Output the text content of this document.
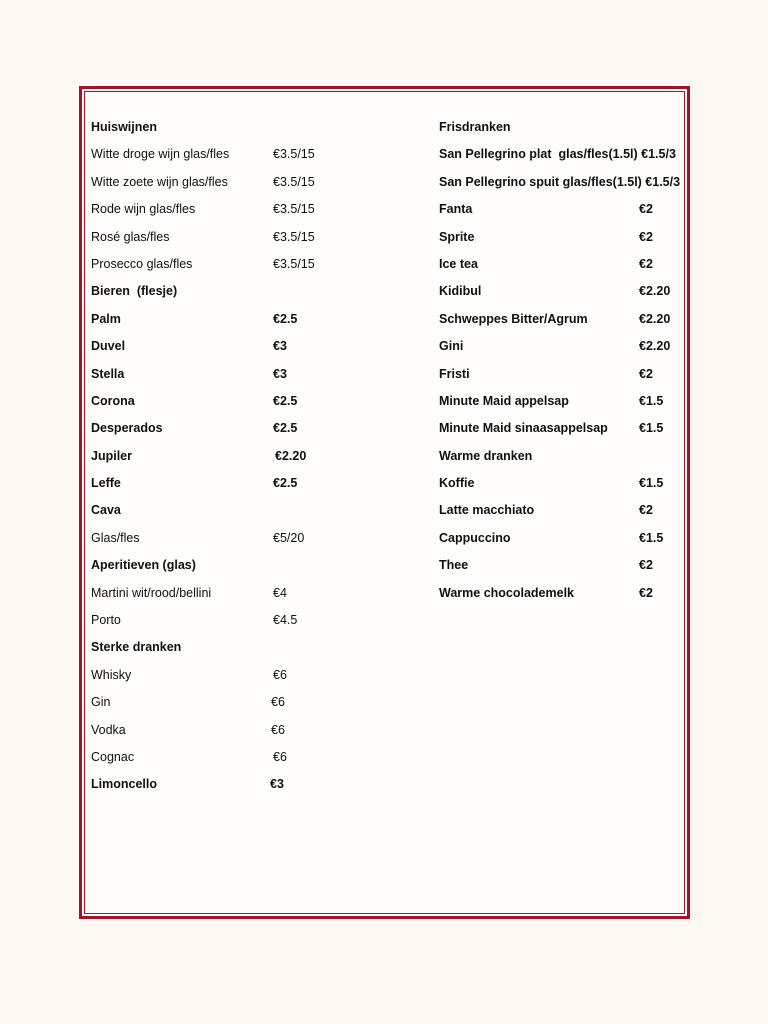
Huiswijnen
Witte droge wijn glas/fles	€3.5/15
Witte zoete wijn glas/fles	€3.5/15
Rode wijn glas/fles	€3.5/15
Rosé glas/fles	€3.5/15
Prosecco glas/fles	€3.5/15
Bieren  (flesje)
Palm	€2.5
Duvel	€3
Stella	€3
Corona	€2.5
Desperados	€2.5
Jupiler	€2.20
Leffe	€2.5
Cava
Glas/fles	€5/20
Aperitieven (glas)
Martini wit/rood/bellini	€4
Porto	€4.5
Sterke dranken
Whisky	€6
Gin	€6
Vodka	€6
Cognac	€6
Limoncello	€3
Frisdranken
San Pellegrino plat  glas/fles(1.5l) €1.5/3
San Pellegrino spuit glas/fles(1.5l) €1.5/3
Fanta	€2
Sprite	€2
Ice tea	€2
Kidibul	€2.20
Schweppes Bitter/Agrum	€2.20
Gini	€2.20
Fristi	€2
Minute Maid appelsap	€1.5
Minute Maid sinaasappelsap €1.5
Warme dranken
Koffie	€1.5
Latte macchiato	€2
Cappuccino	€1.5
Thee	€2
Warme chocolademelk	€2
